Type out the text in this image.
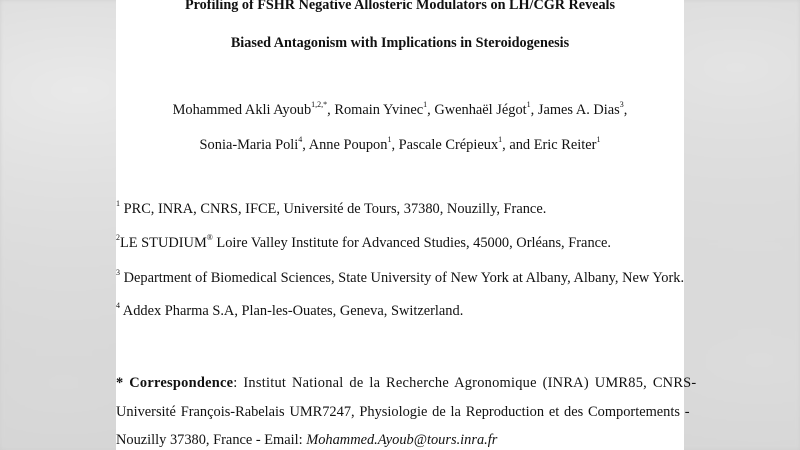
Profiling of FSHR Negative Allosteric Modulators on LH/CGR Reveals
Biased Antagonism with Implications in Steroidogenesis
Mohammed Akli Ayoub$^{1,2,*}$, Romain Yvinec$^1$, Gwenhaël Jégot$^1$, James A. Dias$^3$,
Sonia-Maria Poli$^4$, Anne Poupon$^1$, Pascale Crépieux$^1$, and Eric Reiter$^1$
$^1$ PRC, INRA, CNRS, IFCE, Université de Tours, 37380, Nouzilly, France.
$^2$LE STUDIUM® Loire Valley Institute for Advanced Studies, 45000, Orléans, France.
$^3$ Department of Biomedical Sciences, State University of New York at Albany, Albany, New York.
$^4$ Addex Pharma S.A, Plan-les-Ouates, Geneva, Switzerland.
* Correspondence: Institut National de la Recherche Agronomique (INRA) UMR85, CNRS-
Université François-Rabelais UMR7247, Physiologie de la Reproduction et des Comportements -
Nouzilly 37380, France - Email: Mohammed.Ayoub@tours.inra.fr
